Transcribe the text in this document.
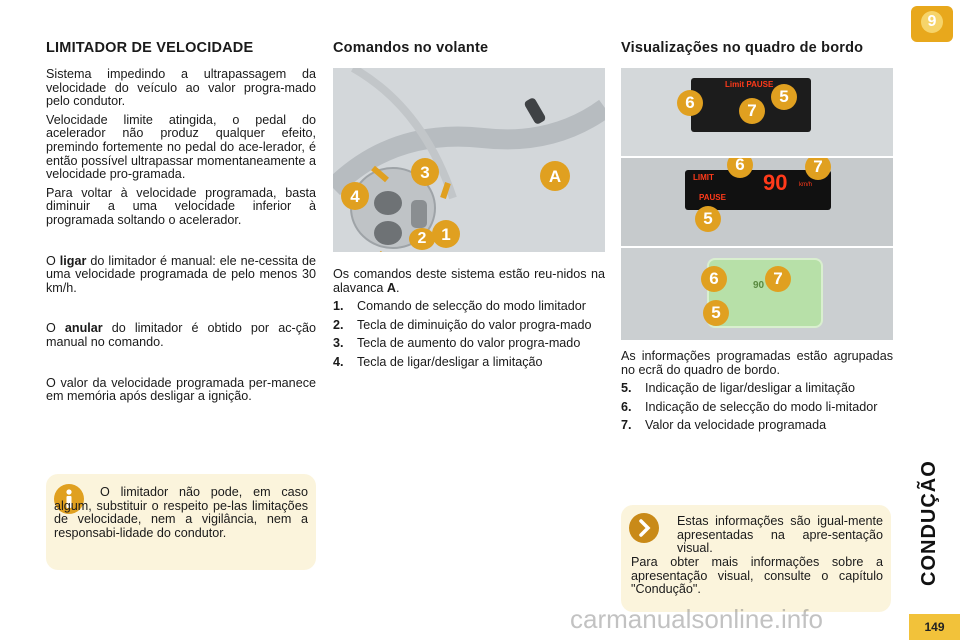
LIMITADOR DE VELOCIDADE

Sistema impedindo a ultrapassagem da velocidade do veículo ao valor progra-mado pelo condutor.

Velocidade limite atingida, o pedal do acelerador não produz qualquer efeito, premindo fortemente no pedal do ace-lerador, é então possível ultrapassar momentaneamente a velocidade pro-gramada.

Para voltar à velocidade programada, basta diminuir a uma velocidade inferior à programada soltando o acelerador.

O ligar do limitador é manual: ele ne-cessita de uma velocidade programada de pelo menos 30 km/h.

O anular do limitador é obtido por ac-ção manual no comando.

O valor da velocidade programada per-manece em memória após desligar a ignição.

O limitador não pode, em caso algum, substituir o respeito pe-las limitações de velocidade, nem a vigilância, nem a responsabi-lidade do condutor.

Comandos no volante
4
3
1
A
2

Os comandos deste sistema estão reu-nidos na alavanca A.

1. Comando de selecção do modo limitador
2. Tecla de diminuição do valor progra-mado
3. Tecla de aumento do valor progra-mado
4. Tecla de ligar/desligar a limitação
Visualizações no quadro de bordo
Limit PAUSE
6	7
5
LIMIT 90 km/h
PAUSE
6	7
5
90
6	7
5

As informações programadas estão agrupadas no ecrã do quadro de bordo.

5. Indicação de ligar/desligar a limitação
6. Indicação de selecção do modo li-mitador
7. Valor da velocidade programada

Estas informações são igual-mente apresentadas na apre-sentação visual.

Para obter mais informações sobre a apresentação visual, consulte o capítulo "Condução".

9
CONDUÇÃO
149
carmanualsonline.info
